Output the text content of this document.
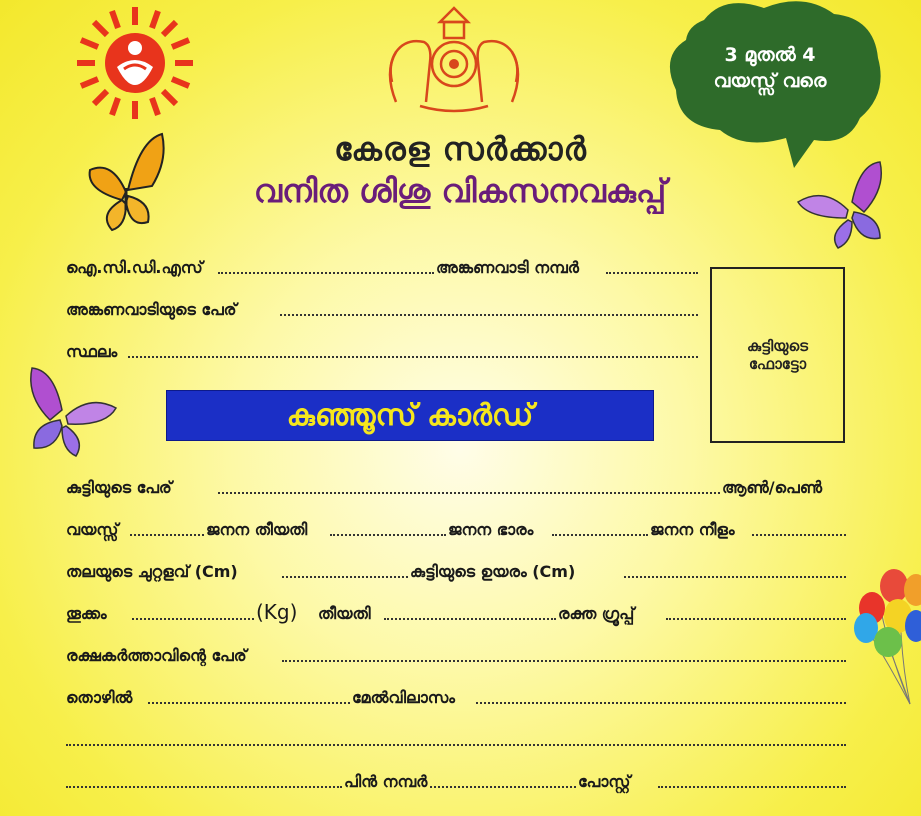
3 മുതൽ 4
വയസ്സ് വരെ
കേരള സർക്കാർ
വനിത ശിശു വികസനവകുപ്പ്
ഐ.സി.ഡി.എസ്	അങ്കണവാടി നമ്പർ
അങ്കണവാടിയുടെ പേര്
സ്ഥലം	കുട്ടിയുടെ ഫോട്ടോ
കുഞ്ഞൂസ് കാർഡ്
കുട്ടിയുടെ പേര്	ആൺ/പെൺ
വയസ്സ്	ജനന തീയതി	ജനന ഭാരം	ജനന നീളം
തലയുടെ ചുറ്റളവ് (Cm)	കുട്ടിയുടെ ഉയരം (Cm)
തൂക്കം	(Kg) തീയതി	രക്ത ഗ്രൂപ്പ്
രക്ഷകർത്താവിന്റെ പേര്
തൊഴിൽ	മേൽവിലാസം
പിൻ നമ്പർ	പോസ്റ്റ്
